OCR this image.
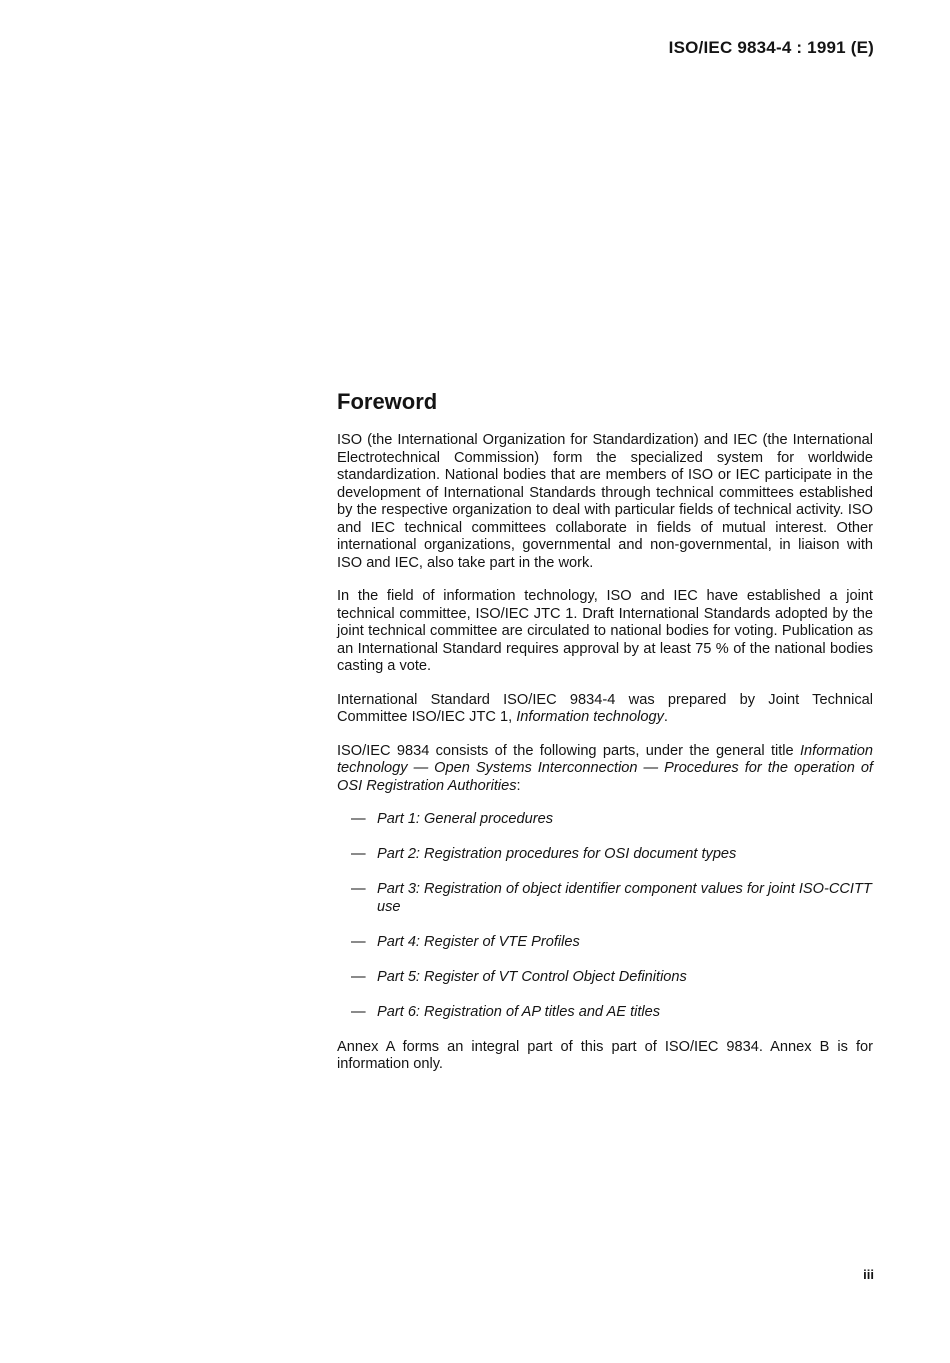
ISO/IEC 9834-4 : 1991 (E)
Foreword

ISO (the International Organization for Standardization) and IEC (the International Electrotechnical Commission) form the specialized system for worldwide standardization. National bodies that are members of ISO or IEC participate in the development of International Standards through technical committees established by the respective organization to deal with particular fields of technical activity. ISO and IEC technical committees collaborate in fields of mutual interest. Other international organizations, governmental and non-governmental, in liaison with ISO and IEC, also take part in the work.

In the field of information technology, ISO and IEC have established a joint technical committee, ISO/IEC JTC 1. Draft International Standards adopted by the joint technical committee are circulated to national bodies for voting. Publication as an International Standard requires approval by at least 75 % of the national bodies casting a vote.

International Standard ISO/IEC 9834-4 was prepared by Joint Technical Committee ISO/IEC JTC 1, Information technology.

ISO/IEC 9834 consists of the following parts, under the general title Information technology — Open Systems Interconnection — Procedures for the operation of OSI Registration Authorities:

— Part 1: General procedures
— Part 2: Registration procedures for OSI document types
— Part 3: Registration of object identifier component values for joint ISO-CCITT use
— Part 4: Register of VTE Profiles
— Part 5: Register of VT Control Object Definitions
— Part 6: Registration of AP titles and AE titles

Annex A forms an integral part of this part of ISO/IEC 9834. Annex B is for information only.

iii
